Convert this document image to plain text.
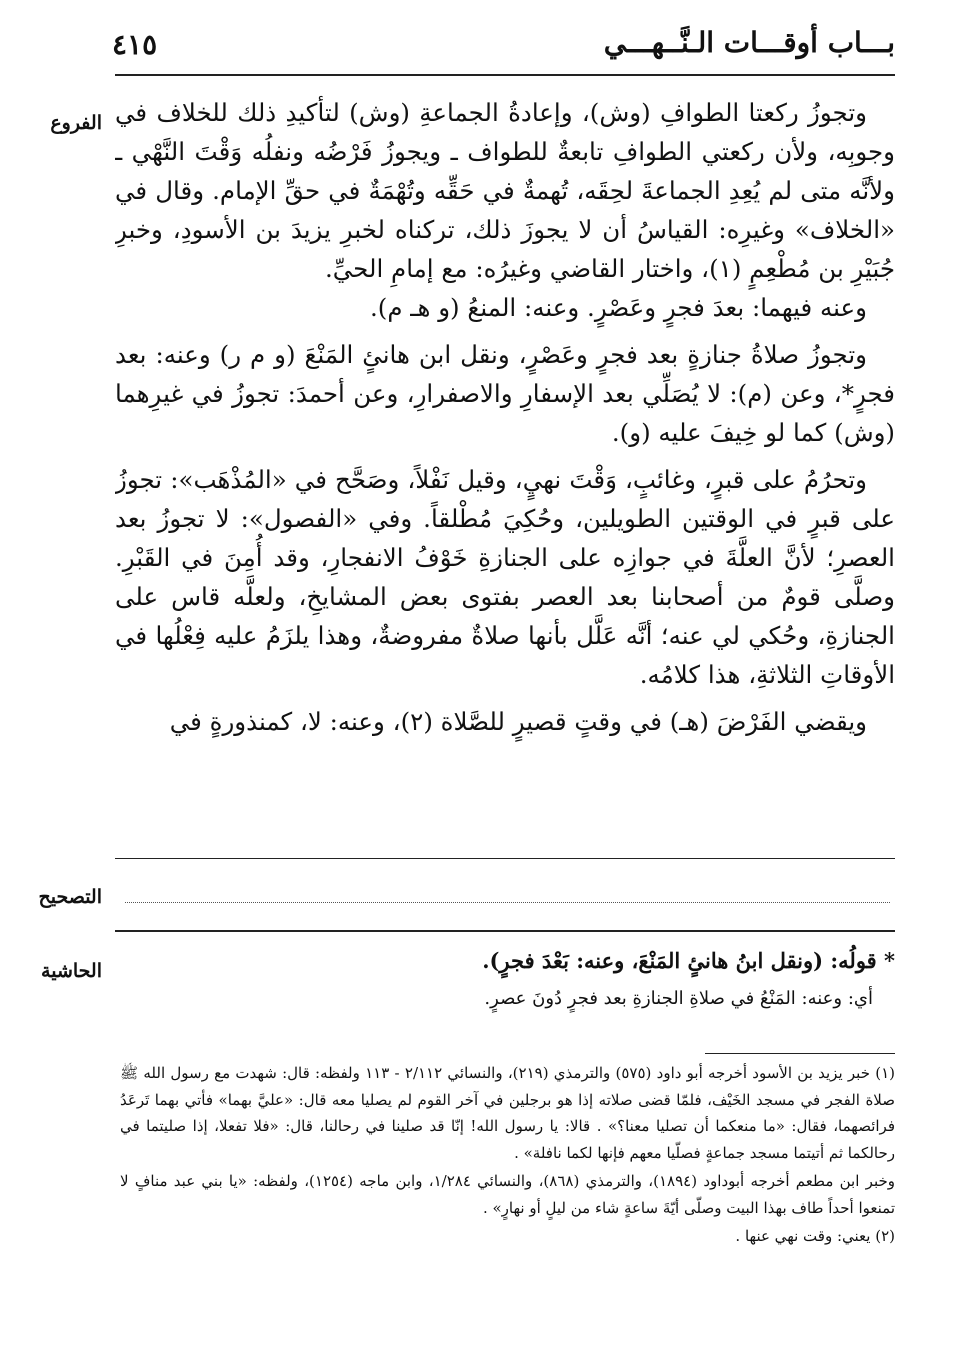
٤١٥	بـــاب أوقـــات الـنَّــهـــي
الفروع
التصحيح
الحاشية

وتجوزُ ركعتا الطوافِ (وش)، وإعادةُ الجماعةِ (وش) لتأكيدِ ذلك للخلاف في وجوبِه، ولأن ركعتي الطوافِ تابعةٌ للطواف ـ ويجوزُ فَرْضُه ونفلُه وَقْتَ النَّهْي ـ ولأنَّه متى لم يُعِدِ الجماعةَ لحِقَه، تُهمةٌ في حَقِّه وتُهْمَةٌ في حقِّ الإمام. وقال في «الخلاف» وغيرِه: القياسُ أن لا يجوزَ ذلك، تركناه لخبرِ يزيدَ بن الأسودِ، وخبرِ جُبَيْرِ بن مُطْعِمٍ (١)، واختار القاضي وغيرُه: مع إمامِ الحيِّ.

وعنه فيهما: بعدَ فجرٍ وعَصْرٍ. وعنه: المنعُ (و هـ م).

وتجوزُ صلاةُ جنازةٍ بعد فجرٍ وعَصْرٍ، ونقل ابن هانئٍ المَنْعَ (و م ر) وعنه: بعد فجرٍ*، وعن (م): لا يُصَلِّي بعد الإسفارِ والاصفرارِ، وعن أحمدَ: تجوزُ في غيرِهما (وش) كما لو خِيفَ عليه (و).

وتحرُمُ على قبرٍ، وغائبٍ، وَقْتَ نهيٍ، وقيل نَفْلاً، وصَحَّح في «المُذْهَب»: تجوزُ على قبرٍ في الوقتين الطويلين، وحُكِيَ مُطْلقاً. وفي «الفصول»: لا تجوزُ بعد العصرِ؛ لأنَّ العلَّةَ في جوازِه على الجنازةِ خَوْفُ الانفجارِ، وقد أُمِنَ في القَبْرِ. وصلَّى قومٌ من أصحابنا بعد العصر بفتوى بعض المشايخِ، ولعلَّه قاس على الجنازةِ، وحُكي لي عنه؛ أنَّه عَلَّل بأنها صلاةٌ مفروضةٌ، وهذا يلزَمُ عليه فِعْلُها في الأوقاتِ الثلاثةِ، هذا كلامُه.

ويقضي الفَرْضَ (هـ) في وقتٍ قصيرٍ للصَّلاة (٢)، وعنه: لا، كمنذورةٍ في

* قولُه: (ونقل ابنُ هانئٍ المَنْعَ، وعنه: بَعْدَ فجرٍ).

أي: وعنه: المَنْعُ في صلاةِ الجنازةِ بعد فجرٍ دُونَ عصرٍ.

(١) خبر يزيد بن الأسود أخرجه أبو داود (٥٧٥) والترمذي (٢١٩)، والنسائي ٢/١١٢ - ١١٣ ولفظه: قال: شهدت مع رسول الله ﷺ صلاة الفجر في مسجد الخَيْف، فلمّا قضى صلاته إذا هو برجلين في آخر القوم لم يصليا معه قال: «عليَّ بهما» فأتي بهما تَرعَدُ فرائصهما، فقال: «ما منعكما أن تصليا معنا؟» . قالا: يا رسول الله! إنّا قد صلينا في رحالنا، قال: «فلا تفعلا، إذا صليتما في رحالكما ثم أتيتما مسجد جماعةٍ فصلّيا معهم فإنها لكما نافلة» .

وخبر ابن مطعم أخرجه أبوداود (١٨٩٤)، والترمذي (٨٦٨)، والنسائي ١/٢٨٤، وابن ماجه (١٢٥٤)، ولفظه: «يا بني عبد منافٍ لا تمنعوا أحداً طاف بهذا البيت وصلّى أيّةَ ساعةٍ شاء من ليلٍ أو نهارٍ» .

(٢) يعني: وقت نهي عنها .
